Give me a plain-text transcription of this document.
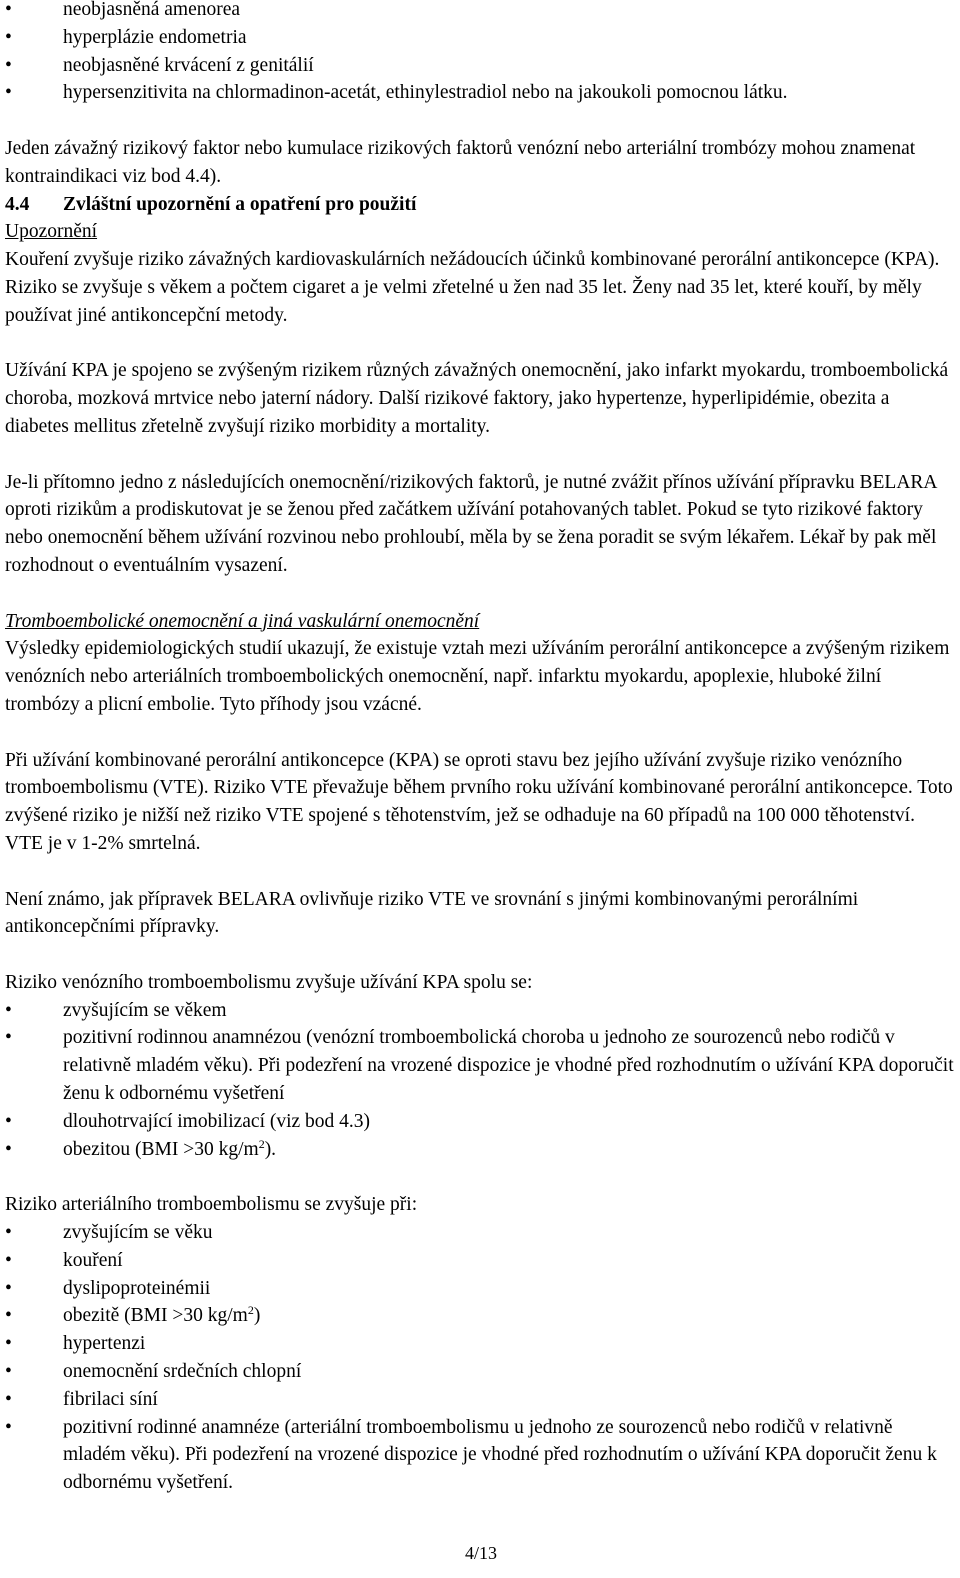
•	neobjasněná amenorea
•	hyperplázie endometria
•	neobjasněné krvácení z genitálií
•	hypersenzitivita na chlormadinon-acetát, ethinylestradiol nebo na jakoukoli pomocnou látku.

Jeden závažný rizikový faktor nebo kumulace rizikových faktorů venózní nebo arteriální trombózy mohou znamenat kontraindikaci viz bod 4.4).

4.4 Zvláštní upozornění a opatření pro použití

Upozornění

Kouření zvyšuje riziko závažných kardiovaskulárních nežádoucích účinků kombinované perorální antikoncepce (KPA). Riziko se zvyšuje s věkem a počtem cigaret a je velmi zřetelné u žen nad 35 let. Ženy nad 35 let, které kouří, by měly používat jiné antikoncepční metody.

Užívání KPA je spojeno se zvýšeným rizikem různých závažných onemocnění, jako infarkt myokardu, tromboembolická choroba, mozková mrtvice nebo jaterní nádory. Další rizikové faktory, jako hypertenze, hyperlipidémie, obezita a diabetes mellitus zřetelně zvyšují riziko morbidity a mortality.

Je-li přítomno jedno z následujících onemocnění/rizikových faktorů, je nutné zvážit přínos užívání přípravku BELARA oproti rizikům a prodiskutovat je se ženou před začátkem užívání potahovaných tablet. Pokud se tyto rizikové faktory nebo onemocnění během užívání rozvinou nebo prohloubí, měla by se žena poradit se svým lékařem. Lékař by pak měl rozhodnout o eventuálním vysazení.

Tromboembolické onemocnění a jiná vaskulární onemocnění

Výsledky epidemiologických studií ukazují, že existuje vztah mezi užíváním perorální antikoncepce a zvýšeným rizikem venózních nebo arteriálních tromboembolických onemocnění, např. infarktu myokardu, apoplexie, hluboké žilní trombózy a plicní embolie. Tyto příhody jsou vzácné.

Při užívání kombinované perorální antikoncepce (KPA) se oproti stavu bez jejího užívání zvyšuje riziko venózního tromboembolismu (VTE). Riziko VTE převažuje během prvního roku užívání kombinované perorální antikoncepce. Toto zvýšené riziko je nižší než riziko VTE spojené s těhotenstvím, jež se odhaduje na 60 případů na 100 000 těhotenství. VTE je v 1-2% smrtelná.

Není známo, jak přípravek BELARA ovlivňuje riziko VTE ve srovnání s jinými kombinovanými perorálními antikoncepčními přípravky.

Riziko venózního tromboembolismu zvyšuje užívání KPA spolu se:

•	zvyšujícím se věkem
•	pozitivní rodinnou anamnézou (venózní tromboembolická choroba u jednoho ze sourozenců nebo rodičů v relativně mladém věku). Při podezření na vrozené dispozice je vhodné před rozhodnutím o užívání KPA doporučit ženu k odbornému vyšetření
•	dlouhotrvající imobilizací (viz bod 4.3)
•	obezitou (BMI >30 $kg/m^2$).

Riziko arteriálního tromboembolismu se zvyšuje při:

•	zvyšujícím se věku
•	kouření
•	dyslipoproteinémii
•	obezitě (BMI >30 $kg/m^2$)
•	hypertenzi
•	onemocnění srdečních chlopní
•	fibrilaci síní
•	pozitivní rodinné anamnéze (arteriální tromboembolismu u jednoho ze sourozenců nebo rodičů v relativně mladém věku). Při podezření na vrozené dispozice je vhodné před rozhodnutím o užívání KPA doporučit ženu k odbornému vyšetření.
4/13
